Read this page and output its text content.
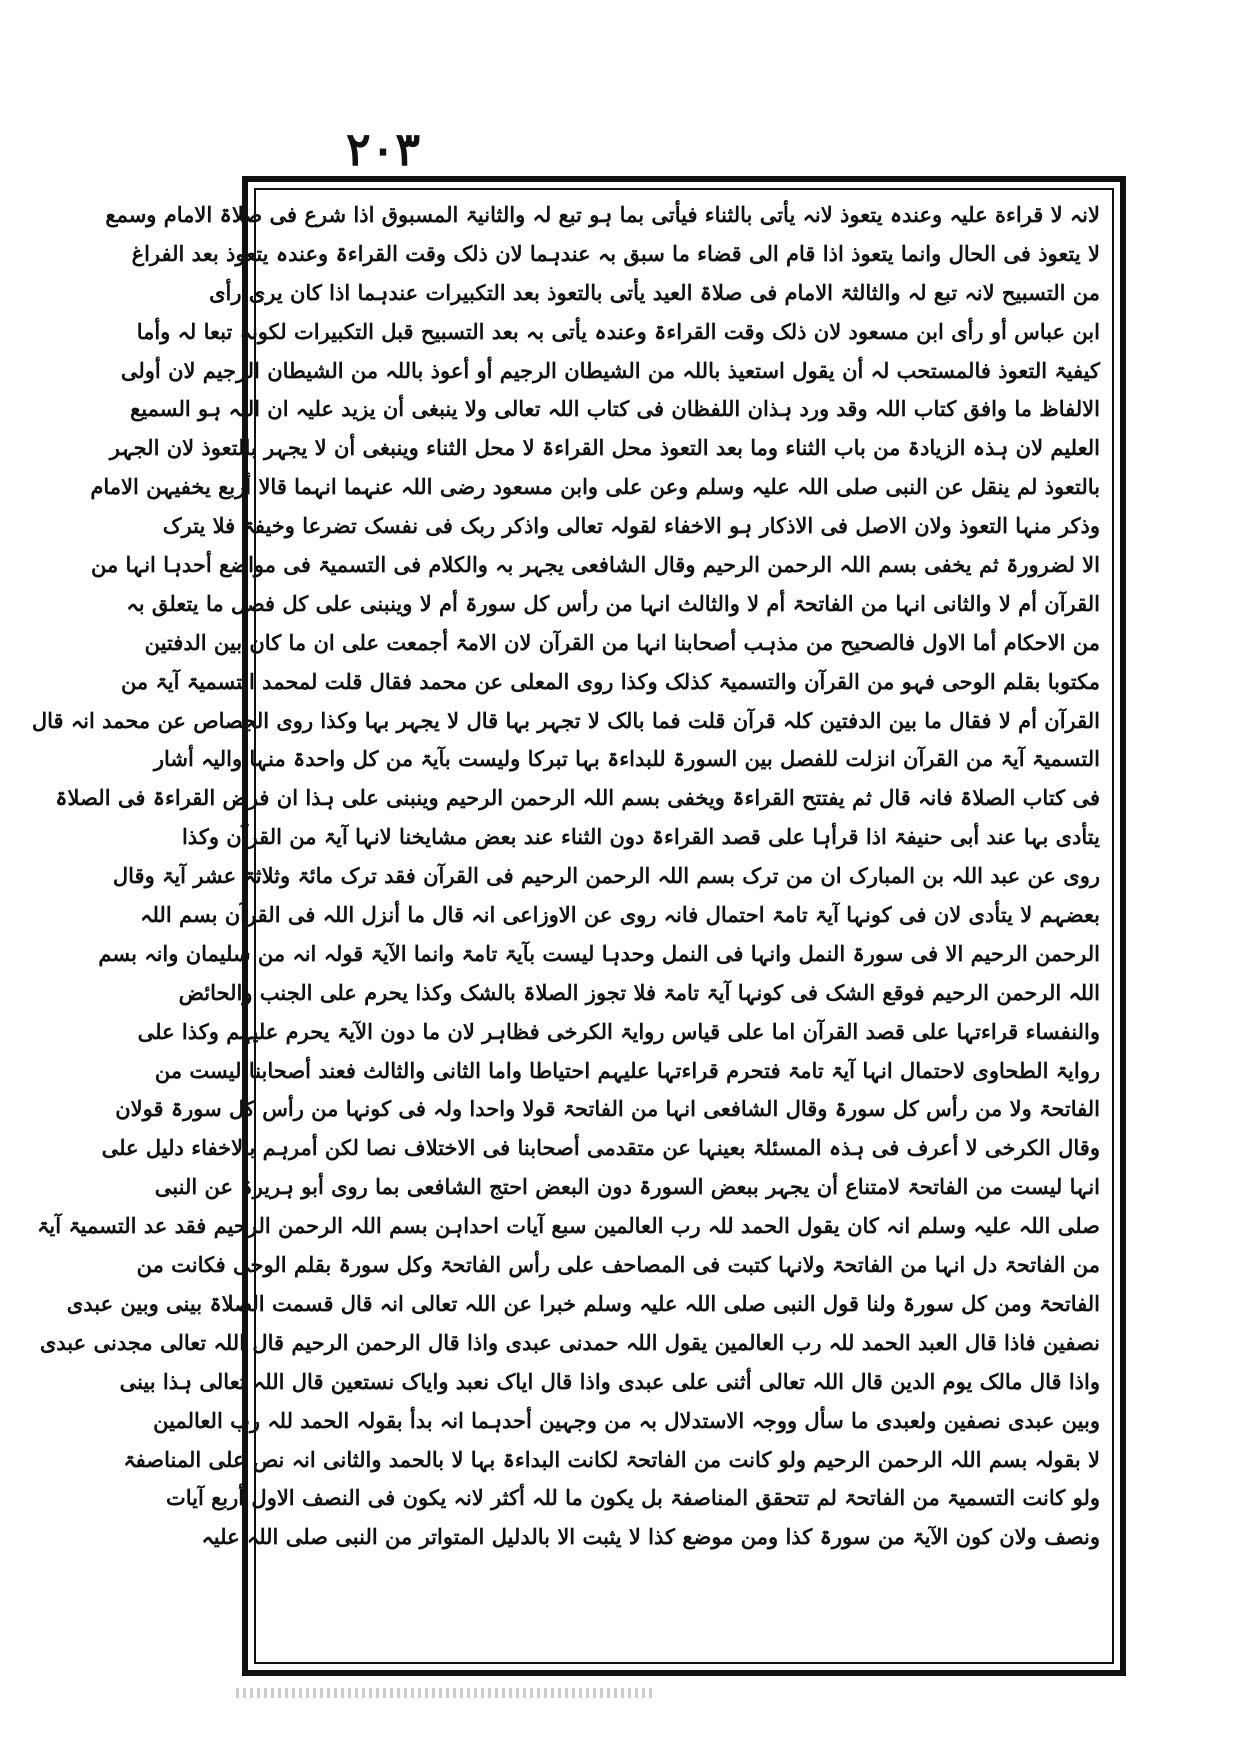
٢٠٣
لانہ لا قراءة علیہ وعندہ یتعوذ لانہ یأتی بالثناء فیأتی بما ہو تبع لہ والثانیۃ المسبوق اذا شرع فی صلاۃ الامام وسمع
لا یتعوذ فی الحال وانما یتعوذ اذا قام الی قضاء ما سبق بہ عندہما لان ذلک وقت القراءۃ وعندہ یتعوذ بعد الفراغ
من التسبیح لانہ تبع لہ والثالثۃ الامام فی صلاۃ العید یأتی بالتعوذ بعد التکبیرات عندہما اذا کان یری رأی
ابن عباس أو رأی ابن مسعود لان ذلک وقت القراءۃ وعندہ یأتی بہ بعد التسبیح قبل التکبیرات لکونہ تبعا لہ وأما
کیفیۃ التعوذ فالمستحب لہ أن یقول استعیذ باللہ من الشیطان الرجیم أو أعوذ باللہ من الشیطان الرجیم لان أولی
الالفاظ ما وافق کتاب اللہ وقد ورد ہذان اللفظان فی کتاب اللہ تعالی ولا ینبغی أن یزید علیہ ان اللہ ہو السمیع
العلیم لان ہذہ الزیادۃ من باب الثناء وما بعد التعوذ محل القراءۃ لا محل الثناء وینبغی أن لا یجہر بالتعوذ لان الجہر
بالتعوذ لم ینقل عن النبی صلی اللہ علیہ وسلم وعن علی وابن مسعود رضی اللہ عنہما انہما قالا أربع یخفیہن الامام
وذکر منہا التعوذ ولان الاصل فی الاذکار ہو الاخفاء لقولہ تعالی واذکر ربک فی نفسک تضرعا وخیفۃ فلا یترک
الا لضرورۃ ثم یخفی بسم اللہ الرحمن الرحیم وقال الشافعی یجہر بہ والکلام فی التسمیۃ فی مواضع أحدہا انہا من
القرآن أم لا والثانی انہا من الفاتحۃ أم لا والثالث انہا من رأس کل سورۃ أم لا وینبنی علی کل فصل ما یتعلق بہ
من الاحکام أما الاول فالصحیح من مذہب أصحابنا انہا من القرآن لان الامۃ أجمعت علی ان ما کان بین الدفتین
مکتوبا بقلم الوحی فہو من القرآن والتسمیۃ کذلک وکذا روی المعلی عن محمد فقال قلت لمحمد التسمیۃ آیۃ من
القرآن أم لا فقال ما بین الدفتین کلہ قرآن قلت فما بالک لا تجہر بہا قال لا یجہر بہا وکذا روی الجصاص عن محمد انہ قال
التسمیۃ آیۃ من القرآن انزلت للفصل بین السورۃ للبداءۃ بہا تبرکا ولیست بآیۃ من کل واحدۃ منہا والیہ أشار
فی کتاب الصلاۃ فانہ قال ثم یفتتح القراءۃ ویخفی بسم اللہ الرحمن الرحیم وینبنی علی ہذا ان فرض القراءۃ فی الصلاۃ
یتأدی بہا عند أبی حنیفۃ اذا قرأہا علی قصد القراءۃ دون الثناء عند بعض مشایخنا لانہا آیۃ من القرآن وکذا
روی عن عبد اللہ بن المبارک ان من ترک بسم اللہ الرحمن الرحیم فی القرآن فقد ترک مائۃ وثلاثۃ عشر آیۃ وقال
بعضہم لا یتأدی لان فی کونہا آیۃ تامۃ احتمال فانہ روی عن الاوزاعی انہ قال ما أنزل اللہ فی القرآن بسم اللہ
الرحمن الرحیم الا فی سورۃ النمل وانہا فی النمل وحدہا لیست بآیۃ تامۃ وانما الآیۃ قولہ انہ من سلیمان وانہ بسم
اللہ الرحمن الرحیم فوقع الشک فی کونہا آیۃ تامۃ فلا تجوز الصلاۃ بالشک وکذا یحرم علی الجنب والحائض
والنفساء قراءتہا علی قصد القرآن اما علی قیاس روایۃ الکرخی فظاہر لان ما دون الآیۃ یحرم علیہم وکذا علی
روایۃ الطحاوی لاحتمال انہا آیۃ تامۃ فتحرم قراءتہا علیہم احتیاطا واما الثانی والثالث فعند أصحابنا لیست من
الفاتحۃ ولا من رأس کل سورۃ وقال الشافعی انہا من الفاتحۃ قولا واحدا ولہ فی کونہا من رأس کل سورۃ قولان
وقال الکرخی لا أعرف فی ہذہ المسئلۃ بعینہا عن متقدمی أصحابنا فی الاختلاف نصا لکن أمرہم بالاخفاء دلیل علی
انہا لیست من الفاتحۃ لامتناع أن یجہر ببعض السورۃ دون البعض احتج الشافعی بما روی أبو ہریرۃ عن النبی
صلی اللہ علیہ وسلم انہ کان یقول الحمد للہ رب العالمین سبع آیات احداہن بسم اللہ الرحمن الرحیم فقد عد التسمیۃ آیۃ
من الفاتحۃ دل انہا من الفاتحۃ ولانہا کتبت فی المصاحف علی رأس الفاتحۃ وکل سورۃ بقلم الوحی فکانت من
الفاتحۃ ومن کل سورۃ ولنا قول النبی صلی اللہ علیہ وسلم خبرا عن اللہ تعالی انہ قال قسمت الصلاۃ بینی وبین عبدی
نصفین فاذا قال العبد الحمد للہ رب العالمین یقول اللہ حمدنی عبدی واذا قال الرحمن الرحیم قال اللہ تعالی مجدنی عبدی
واذا قال مالک یوم الدین قال اللہ تعالی أثنی علی عبدی واذا قال ایاک نعبد وایاک نستعین قال اللہ تعالی ہذا بینی
وبین عبدی نصفین ولعبدی ما سأل ووجہ الاستدلال بہ من وجہین أحدہما انہ بدأ بقولہ الحمد للہ رب العالمین
لا بقولہ بسم اللہ الرحمن الرحیم ولو کانت من الفاتحۃ لکانت البداءۃ بہا لا بالحمد والثانی انہ نص علی المناصفۃ
ولو کانت التسمیۃ من الفاتحۃ لم تتحقق المناصفۃ بل یکون ما للہ أکثر لانہ یکون فی النصف الاول أربع آیات
ونصف ولان کون الآیۃ من سورۃ کذا ومن موضع کذا لا یثبت الا بالدلیل المتواتر من النبی صلی اللہ علیہ
